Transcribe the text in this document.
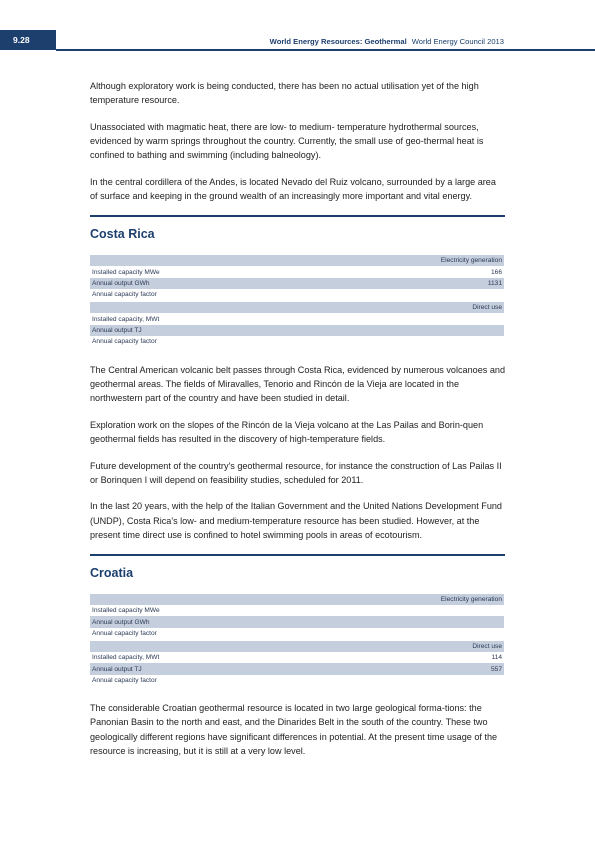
9.28	World Energy Resources: Geothermal World Energy Council 2013

Although exploratory work is being conducted, there has been no actual utilisation yet of the high temperature resource.

Unassociated with magmatic heat, there are low- to medium- temperature hydrothermal sources, evidenced by warm springs throughout the country. Currently, the small use of geo-thermal heat is confined to bathing and swimming (including balneology).

In the central cordillera of the Andes, is located Nevado del Ruiz volcano, surrounded by a large area of surface and keeping in the ground wealth of an increasingly more important and vital energy.

Costa Rica
	Electricity generation
Installed capacity MWe	166
Annual output GWh	1131
Annual capacity factor	

	Direct use
Installed capacity, MWt	
Annual output TJ	
Annual capacity factor	

The Central American volcanic belt passes through Costa Rica, evidenced by numerous volcanoes and geothermal areas. The fields of Miravalles, Tenorio and Rincón de la Vieja are located in the northwestern part of the country and have been studied in detail.

Exploration work on the slopes of the Rincón de la Vieja volcano at the Las Pailas and Borin-quen geothermal fields has resulted in the discovery of high-temperature fields.

Future development of the country's geothermal resource, for instance the construction of Las Pailas II or Borinquen I will depend on feasibility studies, scheduled for 2011.

In the last 20 years, with the help of the Italian Government and the United Nations Development Fund (UNDP), Costa Rica's low- and medium-temperature resource has been studied. However, at the present time direct use is confined to hotel swimming pools in areas of ecotourism.

Croatia
	Electricity generation
Installed capacity MWe	
Annual output GWh	
Annual capacity factor	

	Direct use
Installed capacity, MWt	114
Annual output TJ	557
Annual capacity factor	

The considerable Croatian geothermal resource is located in two large geological forma-tions: the Panonian Basin to the north and east, and the Dinarides Belt in the south of the country. These two geologically different regions have significant differences in potential. At the present time usage of the resource is increasing, but it is still at a very low level.
